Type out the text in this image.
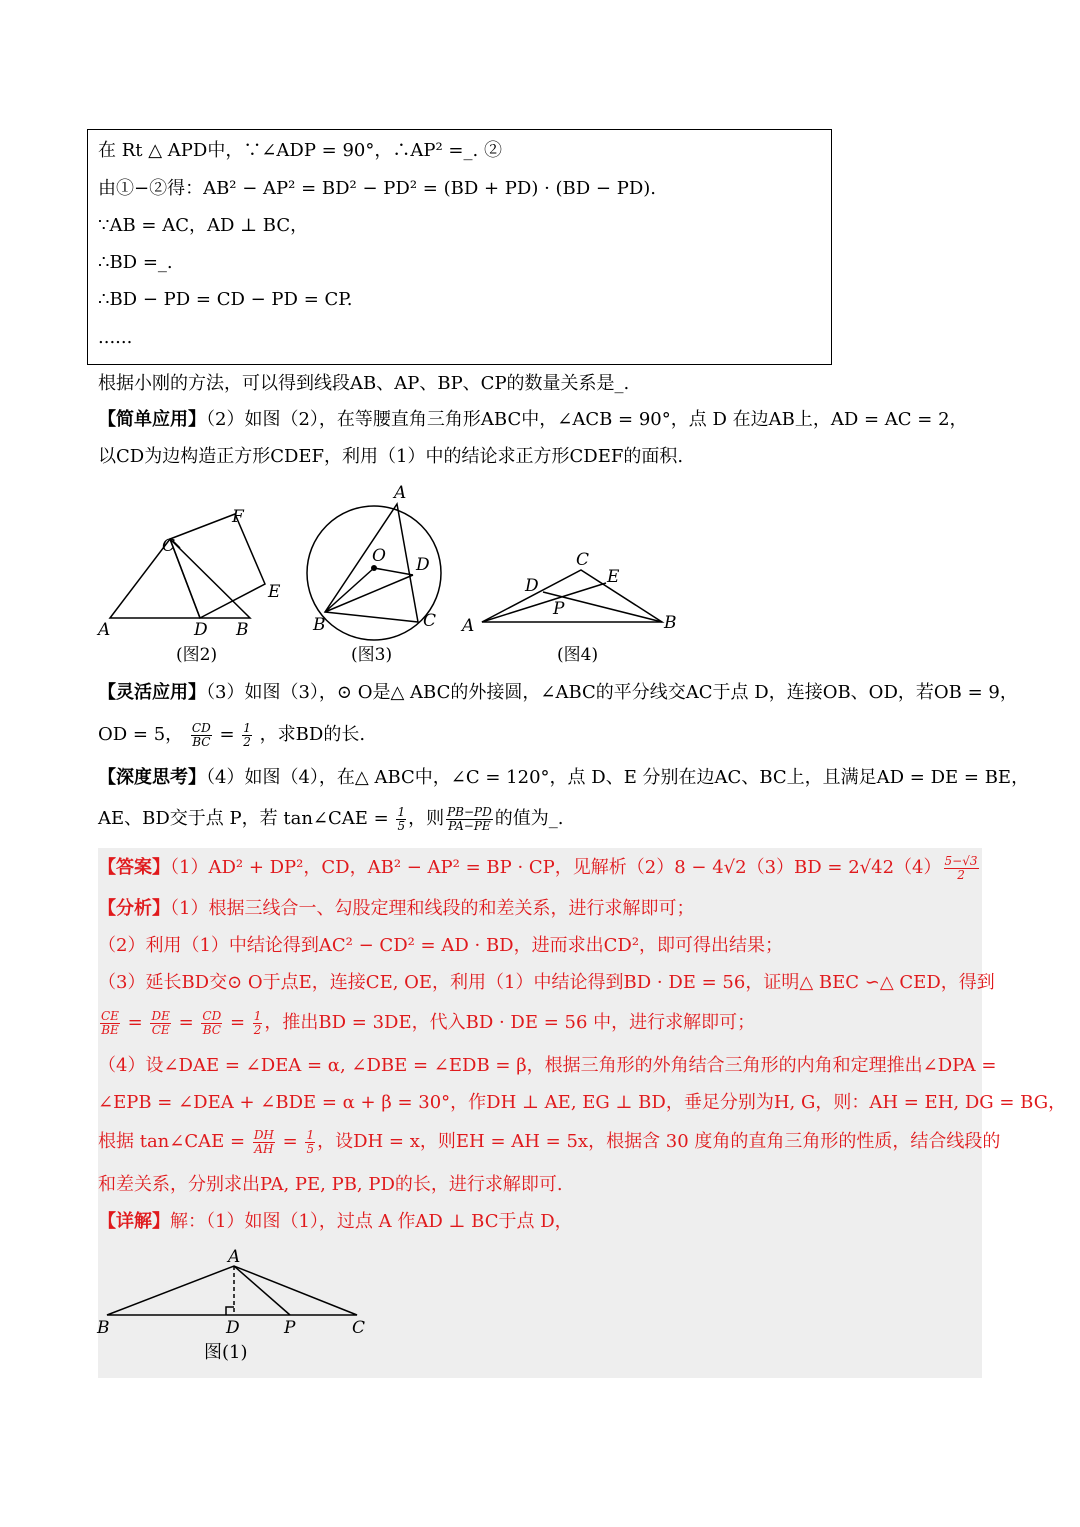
在 Rt △ APD中，∵∠ADP = 90°，∴AP² =_. ②
由①−②得：AB² − AP² = BD² − PD² = (BD + PD) · (BD − PD).
∵AB = AC，AD ⊥ BC，
∴BD =_.
∴BD − PD = CD − PD = CP.
......
根据小刚的方法，可以得到线段AB、AP、BP、CP的数量关系是_.
【简单应用】（2）如图（2），在等腰直角三角形ABC中，∠ACB = 90°，点 D 在边AB上，AD = AC = 2，
以CD为边构造正方形CDEF，利用（1）中的结论求正方形CDEF的面积.
F
C
E
A	D B
(图2)
A
O D
B	C
(图3)
C
E
D
P
A	B
(图4)
【灵活应用】（3）如图（3），⊙ O是△ ABC的外接圆，∠ABC的平分线交AC于点 D，连接OB、OD，若OB = 9，
OD = 5， $\frac{CD}{BC} = \frac{1}{2}$ ，求BD的长.
【深度思考】（4）如图（4），在△ ABC中，∠C = 120°，点 D、E 分别在边AC、BC上，且满足AD = DE = BE，
AE、BD交于点 P，若 tan∠CAE = $\frac{1}{5}$ ，则 $\frac{PB-PD}{PA-PE}$ 的值为_.
【答案】（1）AD² + DP²，CD，AB² − AP² = BP · CP，见解析$(2)8 - 4√2(3)BD = 2√42(4) \frac{5-√3}{2}$
【分析】（1）根据三线合一、勾股定理和线段的和差关系，进行求解即可；
（2）利用（1）中结论得到AC² − CD² = AD · BD，进而求出CD²，即可得出结果；
（3）延长BD交⊙ O于点E，连接CE, OE，利用（1）中结论得到BD · DE = 56，证明△ BEC ∽△ CED，得到
$\frac{CE}{BE} = \frac{DE}{CE} = \frac{CD}{BC} = \frac{1}{2}$ ，推出BD = 3DE，代入BD · DE = 56 中，进行求解即可；
（4）设∠DAE = ∠DEA = α, ∠DBE = ∠EDB = β，根据三角形的外角结合三角形的内角和定理推出∠DPA =
∠EPB = ∠DEA + ∠BDE = α + β = 30°，作DH ⊥ AE, EG ⊥ BD，垂足分别为H, G，则：AH = EH, DG = BG，
根据 tan∠CAE = $\frac{DH}{AH} = \frac{1}{5}$ ，设DH = x，则EH = AH = 5x，根据含 30 度角的直角三角形的性质，结合线段的
和差关系，分别求出PA, PE, PB, PD的长，进行求解即可.
【详解】解：（1）如图（1），过点 A 作AD ⊥ BC于点 D，
A
B	D	P	C
图(1)
